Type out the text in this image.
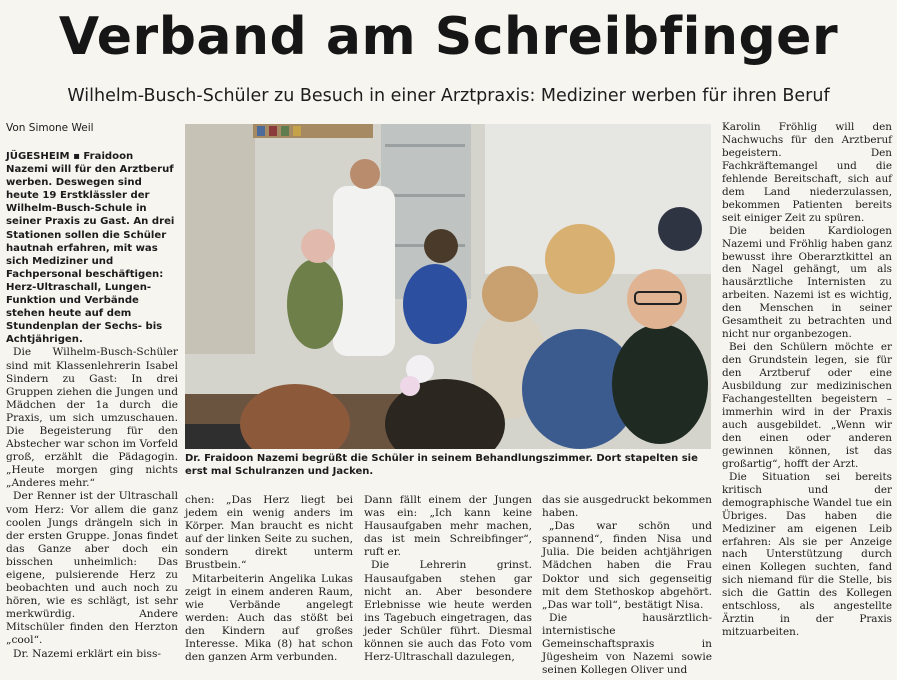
Verband am Schreibfinger
Wilhelm-Busch-Schüler zu Besuch in einer Arztpraxis: Mediziner werben für ihren Beruf
Von Simone Weil

JÜGESHEIM ▪ Fraidoon Nazemi will für den Arztberuf werben. Deswegen sind heute 19 Erstklässler der Wilhelm-Busch-Schule in seiner Praxis zu Gast. An drei Stationen sollen die Schüler hautnah erfahren, mit was sich Mediziner und Fachpersonal beschäftigen: Herz-Ultraschall, Lungen-Funktion und Verbände stehen heute auf dem Stundenplan der Sechs- bis Achtjährigen.

Die Wilhelm-Busch-Schüler sind mit Klassenlehrerin Isabel Sindern zu Gast: In drei Gruppen ziehen die Jungen und Mädchen der 1a durch die Praxis, um sich umzuschauen. Die Begeisterung für den Abstecher war schon im Vorfeld groß, erzählt die Pädagogin. „Heute morgen ging nichts „Anderes mehr.“

Der Renner ist der Ultraschall vom Herz: Vor allem die ganz coolen Jungs drängeln sich in der ersten Gruppe. Jonas findet das Ganze aber doch ein bisschen unheimlich: Das eigene, pulsierende Herz zu beobachten und auch noch zu hören, wie es schlägt, ist sehr merkwürdig. Andere Mitschüler finden den Herzton „cool“.

Dr. Nazemi erklärt ein biss-

Dr. Fraidoon Nazemi begrüßt die Schüler in seinem Behandlungszimmer. Dort stapelten sie erst mal Schulranzen und Jacken.

chen: „Das Herz liegt bei jedem ein wenig anders im Körper. Man braucht es nicht auf der linken Seite zu suchen, sondern direkt unterm Brustbein.“

Mitarbeiterin Angelika Lukas zeigt in einem anderen Raum, wie Verbände angelegt werden: Auch das stößt bei den Kindern auf großes Interesse. Mika (8) hat schon den ganzen Arm verbunden.

Dann fällt einem der Jungen was ein: „Ich kann keine Hausaufgaben mehr machen, das ist mein Schreibfinger“, ruft er.

Die Lehrerin grinst. Hausaufgaben stehen gar nicht an. Aber besondere Erlebnisse wie heute werden ins Tagebuch eingetragen, das jeder Schüler führt. Diesmal können sie auch das Foto vom Herz-Ultraschall dazulegen,

das sie ausgedruckt bekommen haben.

„Das war schön und spannend“, finden Nisa und Julia. Die beiden achtjährigen Mädchen haben die Frau Doktor und sich gegenseitig mit dem Stethoskop abgehört. „Das war toll“, bestätigt Nisa.

Die hausärztlich-internistische Gemeinschaftspraxis in Jügesheim von Nazemi sowie seinen Kollegen Oliver und

Karolin Fröhlig will den Nachwuchs für den Arztberuf begeistern. Den Fachkräftemangel und die fehlende Bereitschaft, sich auf dem Land niederzulassen, bekommen Patienten bereits seit einiger Zeit zu spüren.

Die beiden Kardiologen Nazemi und Fröhlig haben ganz bewusst ihre Oberarztkittel an den Nagel gehängt, um als hausärztliche Internisten zu arbeiten. Nazemi ist es wichtig, den Menschen in seiner Gesamtheit zu betrachten und nicht nur organbezogen.

Bei den Schülern möchte er den Grundstein legen, sie für den Arztberuf oder eine Ausbildung zur medizinischen Fachangestellten begeistern – immerhin wird in der Praxis auch ausgebildet. „Wenn wir den einen oder anderen gewinnen können, ist das großartig“, hofft der Arzt.

Die Situation sei bereits kritisch und der demographische Wandel tue ein Übriges. Das haben die Mediziner am eigenen Leib erfahren: Als sie per Anzeige nach Unterstützung durch einen Kollegen suchten, fand sich niemand für die Stelle, bis sich die Gattin des Kollegen entschloss, als angestellte Ärztin in der Praxis mitzuarbeiten.
